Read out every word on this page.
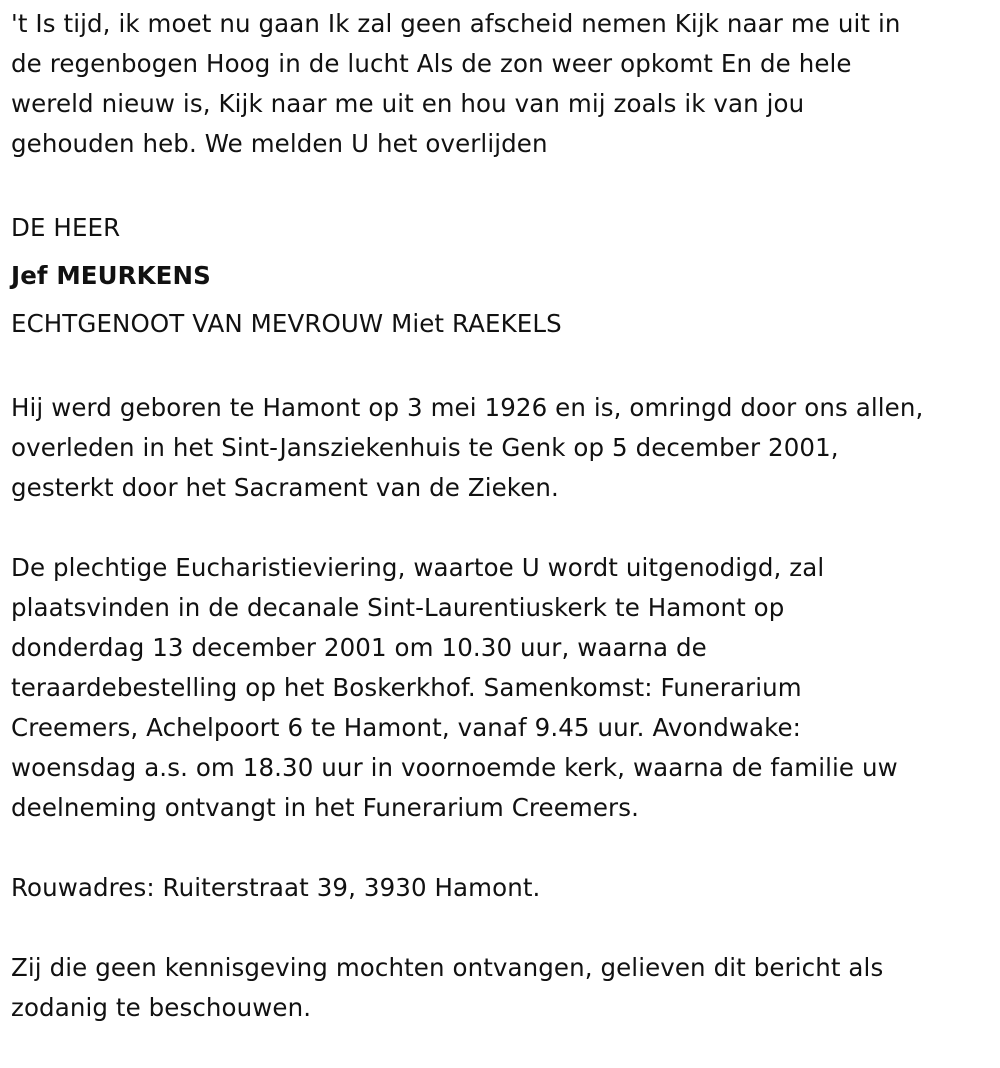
't Is tijd, ik moet nu gaan Ik zal geen afscheid nemen Kijk naar me uit in
de regenbogen Hoog in de lucht Als de zon weer opkomt En de hele
wereld nieuw is, Kijk naar me uit en hou van mij zoals ik van jou
gehouden heb. We melden U het overlijden
DE HEER
Jef MEURKENS
ECHTGENOOT VAN MEVROUW Miet RAEKELS
Hij werd geboren te Hamont op 3 mei 1926 en is, omringd door ons allen,
overleden in het Sint-Jansziekenhuis te Genk op 5 december 2001,
gesterkt door het Sacrament van de Zieken.
De plechtige Eucharistieviering, waartoe U wordt uitgenodigd, zal
plaatsvinden in de decanale Sint-Laurentiuskerk te Hamont op
donderdag 13 december 2001 om 10.30 uur, waarna de
teraardebestelling op het Boskerkhof. Samenkomst: Funerarium
Creemers, Achelpoort 6 te Hamont, vanaf 9.45 uur. Avondwake:
woensdag a.s. om 18.30 uur in voornoemde kerk, waarna de familie uw
deelneming ontvangt in het Funerarium Creemers.
Rouwadres: Ruiterstraat 39, 3930 Hamont.
Zij die geen kennisgeving mochten ontvangen, gelieven dit bericht als
zodanig te beschouwen.
